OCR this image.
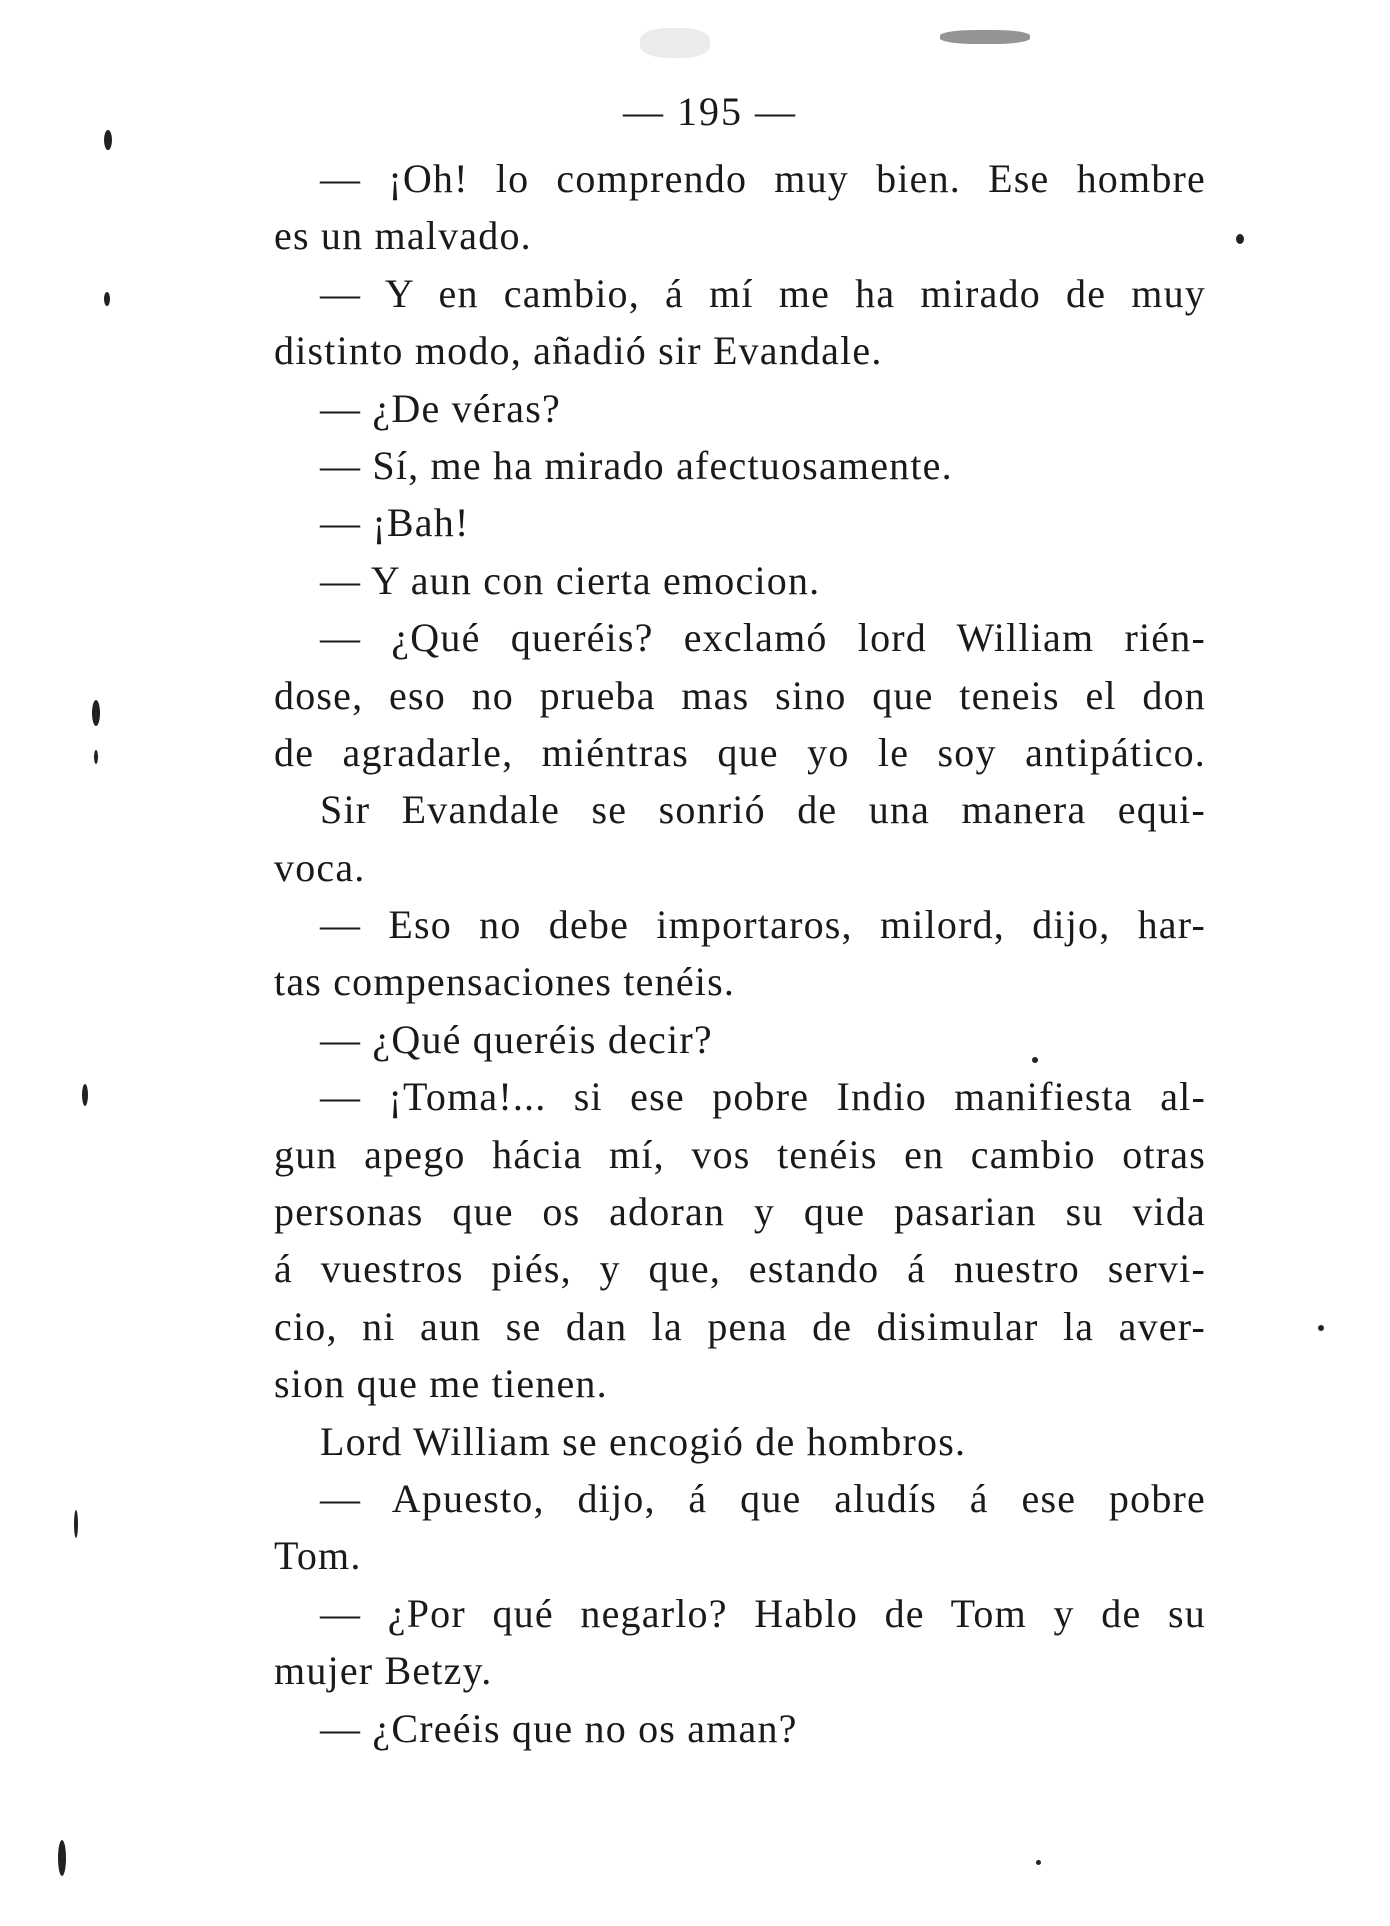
— 195 —
— ¡Oh! lo comprendo muy bien. Ese hombre
es un malvado.
— Y en cambio, á mí me ha mirado de muy
distinto modo, añadió sir Evandale.
— ¿De véras?
— Sí, me ha mirado afectuosamente.
— ¡Bah!
— Y aun con cierta emocion.
— ¿Qué queréis? exclamó lord William rién-
dose, eso no prueba mas sino que teneis el don
de agradarle, miéntras que yo le soy antipático.
Sir Evandale se sonrió de una manera equi-
voca.
— Eso no debe importaros, milord, dijo, har-
tas compensaciones tenéis.
— ¿Qué queréis decir?
— ¡Toma!... si ese pobre Indio manifiesta al-
gun apego hácia mí, vos tenéis en cambio otras
personas que os adoran y que pasarian su vida
á vuestros piés, y que, estando á nuestro servi-
cio, ni aun se dan la pena de disimular la aver-
sion que me tienen.
Lord William se encogió de hombros.
— Apuesto, dijo, á que aludís á ese pobre
Tom.
— ¿Por qué negarlo? Hablo de Tom y de su
mujer Betzy.
— ¿Creéis que no os aman?
